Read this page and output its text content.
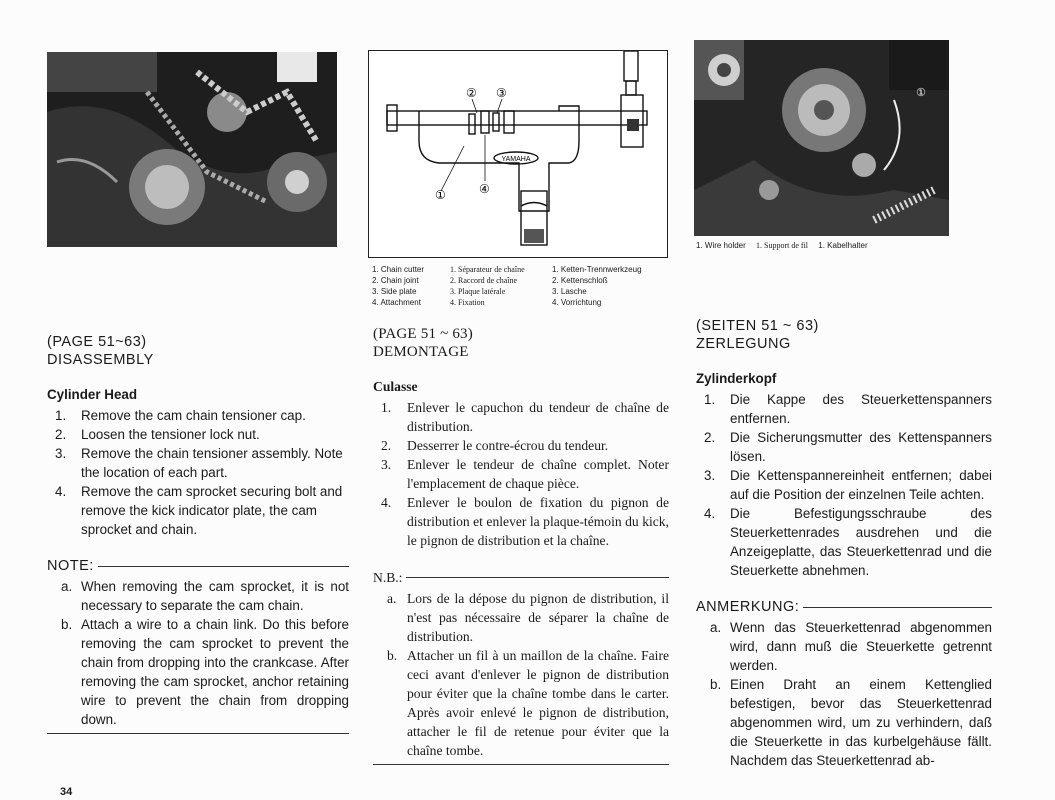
YAMAHA
①
② ③
④
1. Chain cutter
2. Chain joint
3. Side plate
4. Attachment
1. Séparateur de chaîne
2. Raccord de chaîne
3. Plaque latérale
4. Fixation
1. Ketten-Trennwerkzeug
2. Kettenschloß
3. Lasche
4. Vorrichtung
①
1. Wire holder 1. Support de fil 1. Kabelhalter
(PAGE 51~63)
DISASSEMBLY
Cylinder Head
1. Remove the cam chain tensioner cap.
2. Loosen the tensioner lock nut.
3. Remove the chain tensioner assembly. Note the location of each part.
4. Remove the cam sprocket securing bolt and remove the kick indicator plate, the cam sprocket and chain.
NOTE:
a. When removing the cam sprocket, it is not necessary to separate the cam chain.
b. Attach a wire to a chain link. Do this before removing the cam sprocket to prevent the chain from dropping into the crankcase. After removing the cam sprocket, anchor retaining wire to prevent the chain from dropping down.
(PAGE 51 ~ 63)
DEMONTAGE
Culasse
1. Enlever le capuchon du tendeur de chaîne de distribution.
2. Desserrer le contre-écrou du tendeur.
3. Enlever le tendeur de chaîne complet. Noter l'emplacement de chaque pièce.
4. Enlever le boulon de fixation du pignon de distribution et enlever la plaque-témoin du kick, le pignon de distribution et la chaîne.
N.B.:
a. Lors de la dépose du pignon de distribution, il n'est pas nécessaire de séparer la chaîne de distribution.
b. Attacher un fil à un maillon de la chaîne. Faire ceci avant d'enlever le pignon de distribution pour éviter que la chaîne tombe dans le carter. Après avoir enlevé le pignon de distribution, attacher le fil de retenue pour éviter que la chaîne tombe.
(SEITEN 51 ~ 63)
ZERLEGUNG
Zylinderkopf
1. Die Kappe des Steuerkettenspanners entfernen.
2. Die Sicherungsmutter des Kettenspanners lösen.
3. Die Kettenspannereinheit entfernen; dabei auf die Position der einzelnen Teile achten.
4. Die Befestigungsschraube des Steuerkettenrades ausdrehen und die Anzeigeplatte, das Steuerkettenrad und die Steuerkette abnehmen.
ANMERKUNG:
a. Wenn das Steuerkettenrad abgenommen wird, dann muß die Steuerkette getrennt werden.
b. Einen Draht an einem Kettenglied befestigen, bevor das Steuerkettenrad abgenommen wird, um zu verhindern, daß die Steuerkette in das kurbelgehäuse fällt. Nachdem das Steuerkettenrad ab-
34
